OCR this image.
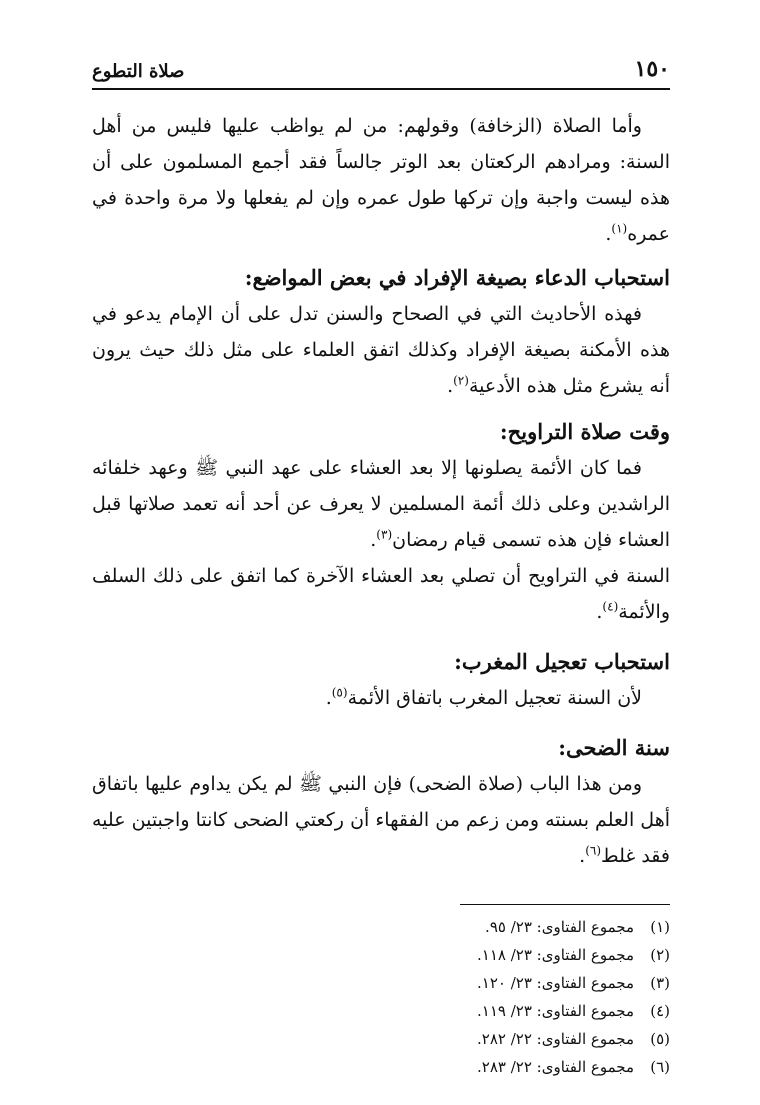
١٥٠
صلاة التطوع

وأما الصلاة (الزخافة) وقولهم: من لم يواظب عليها فليس من أهل السنة: ومرادهم الركعتان بعد الوتر جالساً فقد أجمع المسلمون على أن هذه ليست واجبة وإن تركها طول عمره وإن لم يفعلها ولا مرة واحدة في عمره$^{(١)}$.

استحباب الدعاء بصيغة الإفراد في بعض المواضع:

فهذه الأحاديث التي في الصحاح والسنن تدل على أن الإمام يدعو في هذه الأمكنة بصيغة الإفراد وكذلك اتفق العلماء على مثل ذلك حيث يرون أنه يشرع مثل هذه الأدعية$^{(٢)}$.

وقت صلاة التراويح:

فما كان الأئمة يصلونها إلا بعد العشاء على عهد النبي ﷺ وعهد خلفائه الراشدين وعلى ذلك أئمة المسلمين لا يعرف عن أحد أنه تعمد صلاتها قبل العشاء فإن هذه تسمى قيام رمضان$^{(٣)}$.

السنة في التراويح أن تصلي بعد العشاء الآخرة كما اتفق على ذلك السلف والأئمة$^{(٤)}$.

استحباب تعجيل المغرب:

لأن السنة تعجيل المغرب باتفاق الأئمة$^{(٥)}$.

سنة الضحى:

ومن هذا الباب (صلاة الضحى) فإن النبي ﷺ لم يكن يداوم عليها باتفاق أهل العلم بسنته ومن زعم من الفقهاء أن ركعتي الضحى كانتا واجبتين عليه فقد غلط$^{(٦)}$.

(١)
مجموع الفتاوى: ٢٣/ ٩٥.
(٢)
مجموع الفتاوى: ٢٣/ ١١٨.
(٣)
مجموع الفتاوى: ٢٣/ ١٢٠.
(٤)
مجموع الفتاوى: ٢٣/ ١١٩.
(٥)
مجموع الفتاوى: ٢٢/ ٢٨٢.
(٦)
مجموع الفتاوى: ٢٢/ ٢٨٣.
